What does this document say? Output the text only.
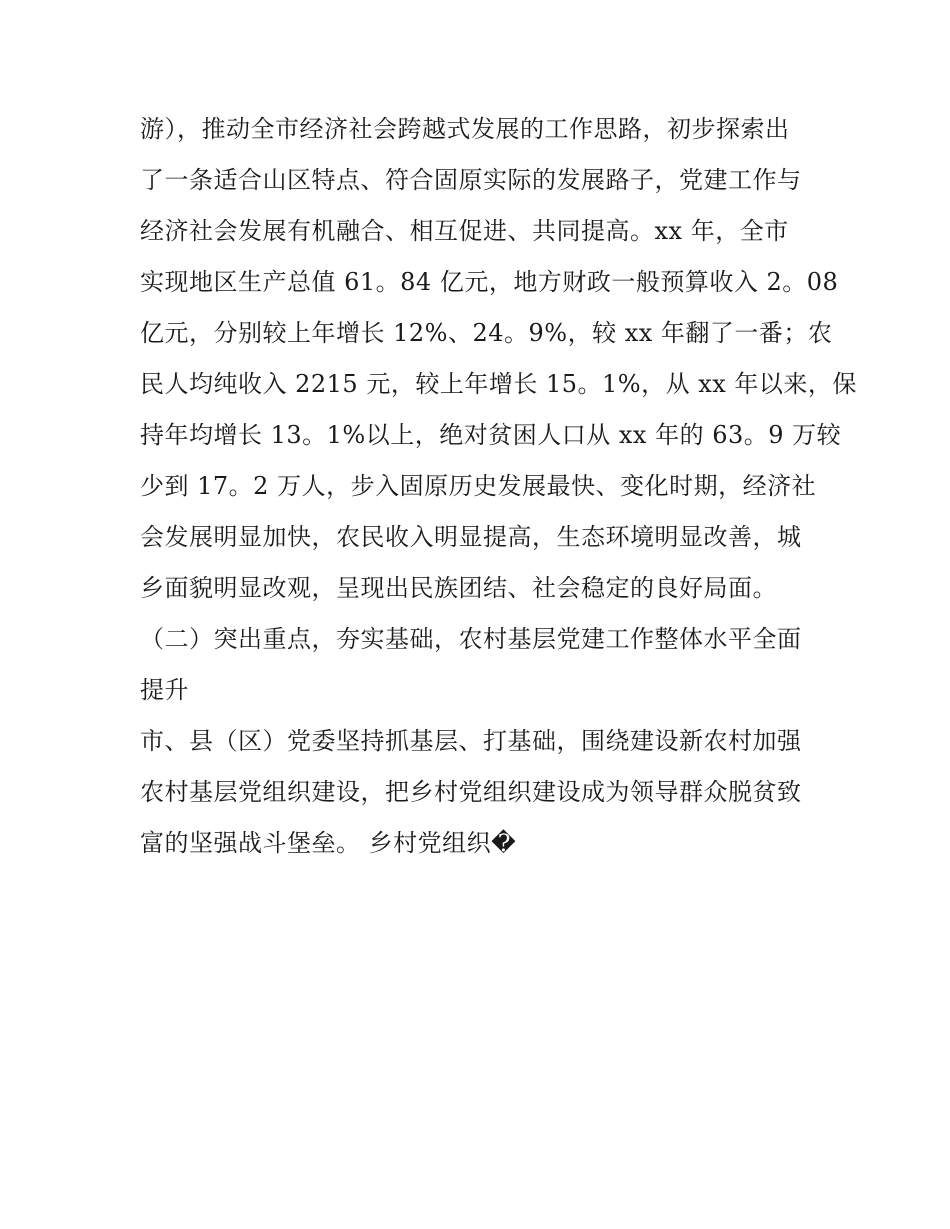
游），推动全市经济社会跨越式发展的工作思路，初步探索出
了一条适合山区特点、符合固原实际的发展路子，党建工作与
经济社会发展有机融合、相互促进、共同提高。xx 年，全市
实现地区生产总值 61。84 亿元，地方财政一般预算收入 2。08
亿元，分别较上年增长 12%、24。9%，较 xx 年翻了一番；农
民人均纯收入 2215 元，较上年增长 15。1%，从 xx 年以来，保
持年均增长 13。1%以上，绝对贫困人口从 xx 年的 63。9 万较
少到 17。2 万人，步入固原历史发展最快、变化时期，经济社
会发展明显加快，农民收入明显提高，生态环境明显改善，城
乡面貌明显改观，呈现出民族团结、社会稳定的良好局面。
（二）突出重点，夯实基础，农村基层党建工作整体水平全面
提升
市、县（区）党委坚持抓基层、打基础，围绕建设新农村加强
农村基层党组织建设，把乡村党组织建设成为领导群众脱贫致
富的坚强战斗堡垒。 乡村党组织�
